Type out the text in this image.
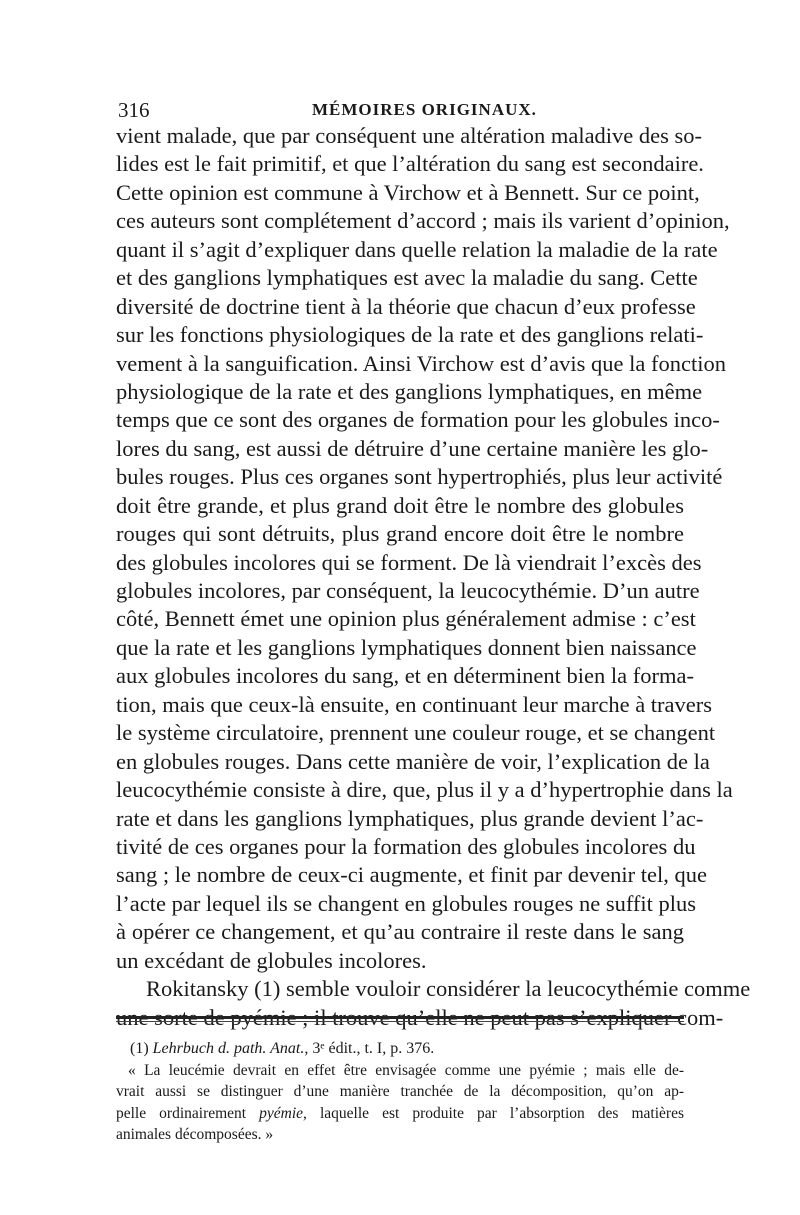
316	MÉMOIRES ORIGINAUX.
vient malade, que par conséquent une altération maladive des so-
lides est le fait primitif, et que l’altération du sang est secondaire.
Cette opinion est commune à Virchow et à Bennett. Sur ce point,
ces auteurs sont complétement d’accord ; mais ils varient d’opinion,
quant il s’agit d’expliquer dans quelle relation la maladie de la rate
et des ganglions lymphatiques est avec la maladie du sang. Cette
diversité de doctrine tient à la théorie que chacun d’eux professe
sur les fonctions physiologiques de la rate et des ganglions relati-
vement à la sanguification. Ainsi Virchow est d’avis que la fonction
physiologique de la rate et des ganglions lymphatiques, en même
temps que ce sont des organes de formation pour les globules inco-
lores du sang, est aussi de détruire d’une certaine manière les glo-
bules rouges. Plus ces organes sont hypertrophiés, plus leur activité
doit être grande, et plus grand doit être le nombre des globules
rouges qui sont détruits, plus grand encore doit être le nombre
des globules incolores qui se forment. De là viendrait l’excès des
globules incolores, par conséquent, la leucocythémie. D’un autre
côté, Bennett émet une opinion plus généralement admise : c’est
que la rate et les ganglions lymphatiques donnent bien naissance
aux globules incolores du sang, et en déterminent bien la forma-
tion, mais que ceux-là ensuite, en continuant leur marche à travers
le système circulatoire, prennent une couleur rouge, et se changent
en globules rouges. Dans cette manière de voir, l’explication de la
leucocythémie consiste à dire, que, plus il y a d’hypertrophie dans la
rate et dans les ganglions lymphatiques, plus grande devient l’ac-
tivité de ces organes pour la formation des globules incolores du
sang ; le nombre de ceux-ci augmente, et finit par devenir tel, que
l’acte par lequel ils se changent en globules rouges ne suffit plus
à opérer ce changement, et qu’au contraire il reste dans le sang
un excédant de globules incolores.
Rokitansky (1) semble vouloir considérer la leucocythémie comme
une sorte de pyémie ; il trouve qu’elle ne peut pas s’expliquer com-
(1) Lehrbuch d. path. Anat., 3ᵉ édit., t. I, p. 376.
« La leucémie devrait en effet être envisagée comme une pyémie ; mais elle de-
vrait aussi se distinguer d’une manière tranchée de la décomposition, qu’on ap-
pelle ordinairement pyémie, laquelle est produite par l’absorption des matières
animales décomposées. »
